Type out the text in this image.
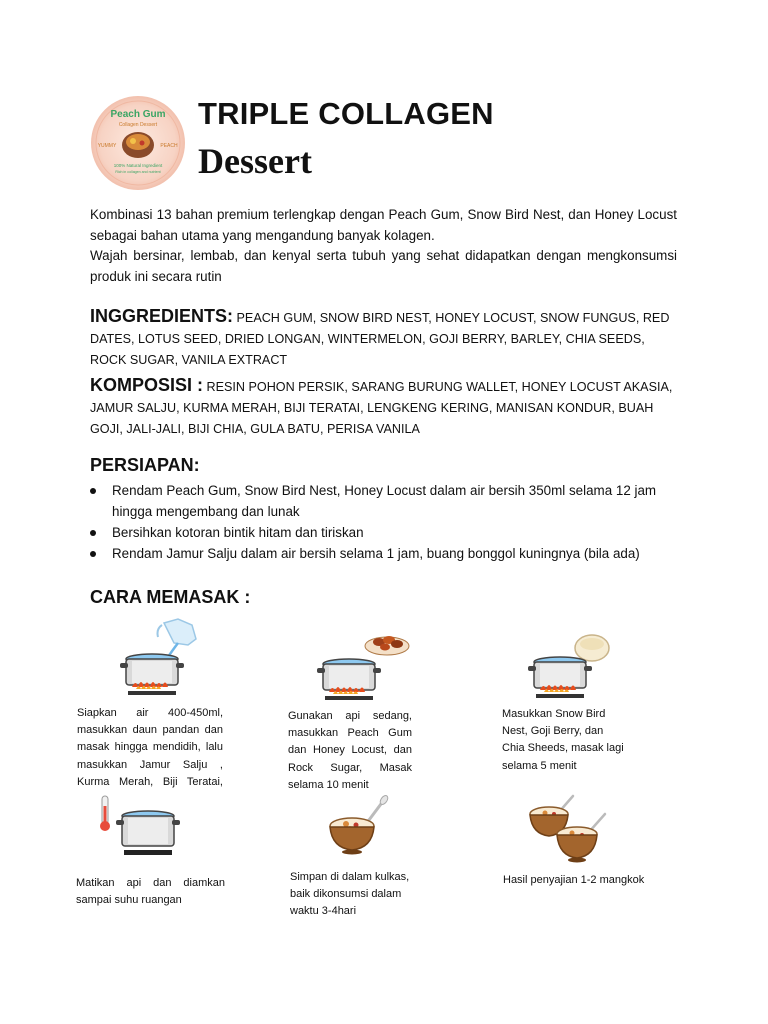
Peach Gum
Collagen Dessert
YUMMY	PEACH
100% Natural Ingredient
Rich in collagen and nutrient
TRIPLE COLLAGEN
Dessert

Kombinasi 13 bahan premium terlengkap dengan Peach Gum, Snow Bird Nest, dan Honey Locust sebagai bahan utama yang mengandung banyak kolagen.

Wajah bersinar, lembab, dan kenyal serta tubuh yang sehat didapatkan dengan mengkonsumsi produk ini secara rutin

INGGREDIENTS: PEACH GUM, SNOW BIRD NEST, HONEY LOCUST, SNOW FUNGUS, RED DATES, LOTUS SEED, DRIED LONGAN, WINTERMELON, GOJI BERRY, BARLEY, CHIA SEEDS, ROCK SUGAR, VANILA EXTRACT
KOMPOSISI : RESIN POHON PERSIK, SARANG BURUNG WALLET, HONEY LOCUST AKASIA, JAMUR SALJU, KURMA MERAH, BIJI TERATAI, LENGKENG KERING, MANISAN KONDUR, BUAH GOJI, JALI-JALI, BIJI CHIA, GULA BATU, PERISA VANILA
PERSIAPAN:
Rendam Peach Gum, Snow Bird Nest, Honey Locust dalam air bersih 350ml selama 12 jam hingga mengembang dan lunak
Bersihkan kotoran bintik hitam dan tiriskan
Rendam Jamur Salju dalam air bersih selama 1 jam, buang bonggol kuningnya (bila ada)
CARA MEMASAK :
Siapkan air 400-450ml,
masukkan daun pandan dan
masak hingga mendidih, lalu
masukkan Jamur Salju ,
Kurma Merah, Biji Teratai,
Gunakan api sedang,
masukkan Peach Gum
dan Honey Locust, dan
Rock Sugar, Masak
selama 10 menit
Masukkan Snow Bird
Nest, Goji Berry, dan
Chia Sheeds, masak lagi
selama 5 menit
Matikan api dan diamkan
sampai suhu ruangan
Simpan di dalam kulkas,
baik dikonsumsi dalam
waktu 3-4hari
Hasil penyajian 1-2 mangkok
